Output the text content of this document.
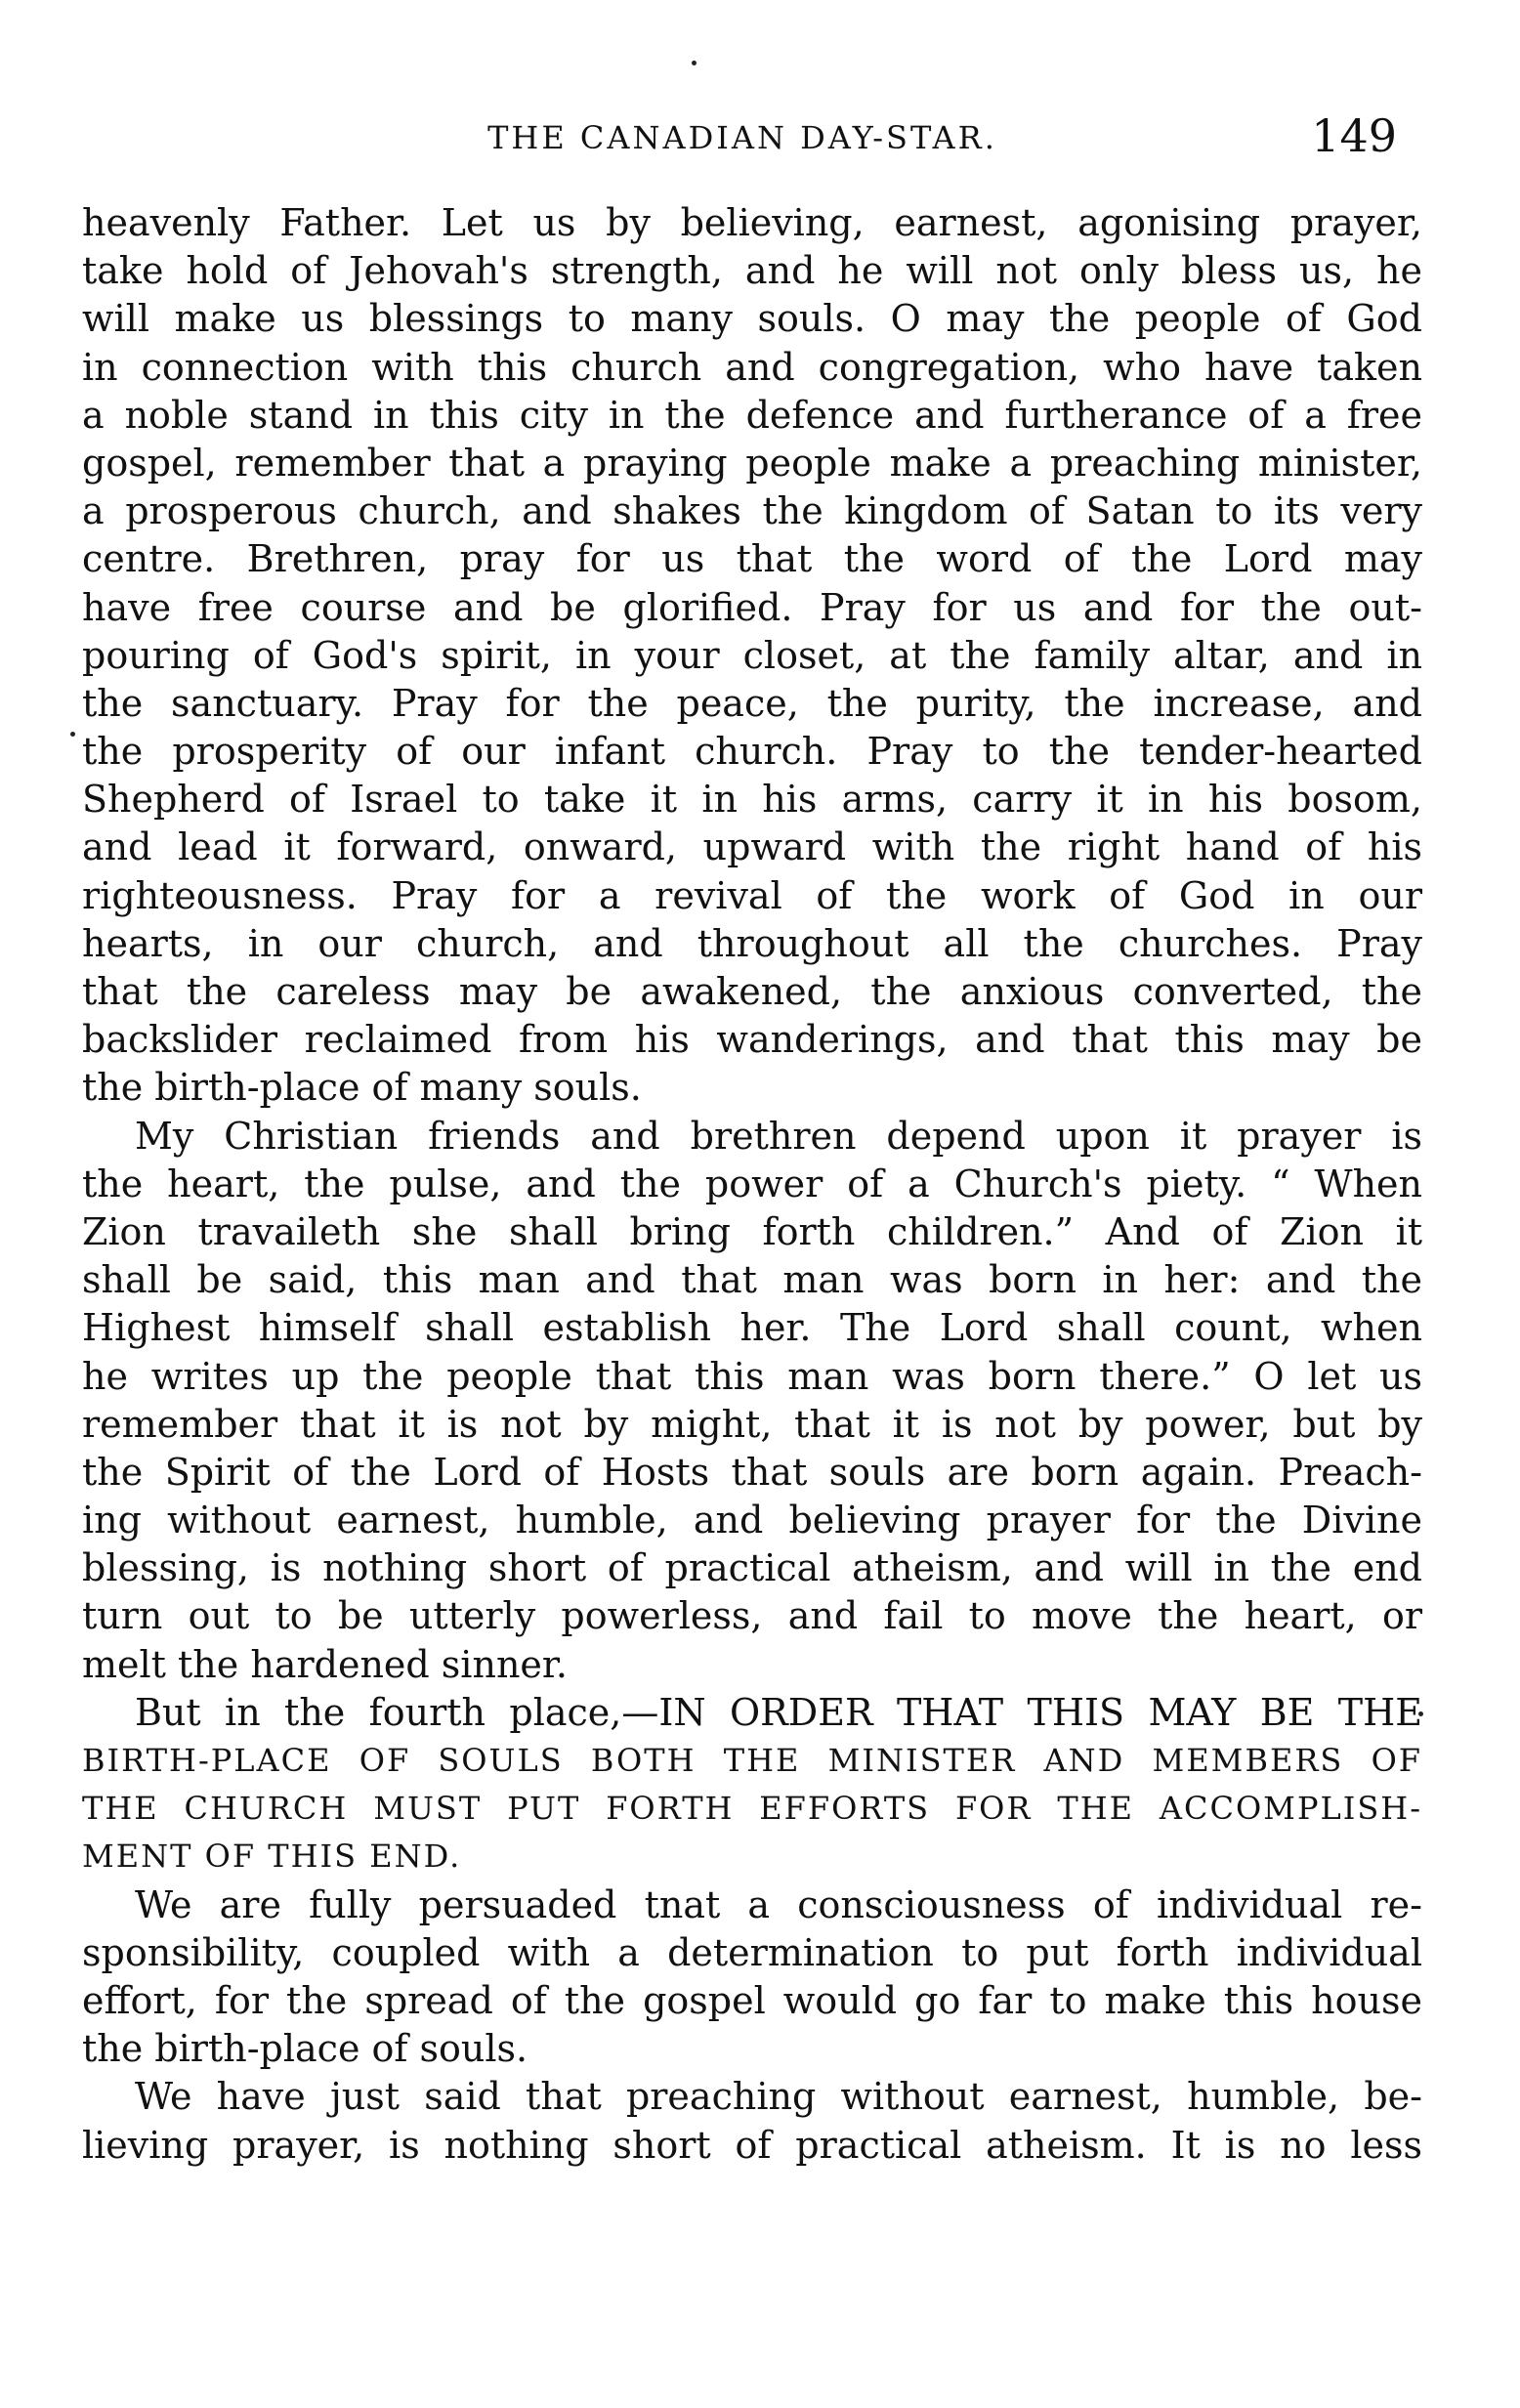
THE CANADIAN DAY-STAR.	149
heavenly Father. Let us by believing, earnest, agonising prayer,
take hold of Jehovah's strength, and he will not only bless us, he
will make us blessings to many souls. O may the people of God
in connection with this church and congregation, who have taken
a noble stand in this city in the defence and furtherance of a free
gospel, remember that a praying people make a preaching minister,
a prosperous church, and shakes the kingdom of Satan to its very
centre. Brethren, pray for us that the word of the Lord may
have free course and be glorified. Pray for us and for the out-
pouring of God's spirit, in your closet, at the family altar, and in
the sanctuary. Pray for the peace, the purity, the increase, and
the prosperity of our infant church. Pray to the tender-hearted
Shepherd of Israel to take it in his arms, carry it in his bosom,
and lead it forward, onward, upward with the right hand of his
righteousness. Pray for a revival of the work of God in our
hearts, in our church, and throughout all the churches. Pray
that the careless may be awakened, the anxious converted, the
backslider reclaimed from his wanderings, and that this may be
the birth-place of many souls.
My Christian friends and brethren depend upon it prayer is
the heart, the pulse, and the power of a Church's piety. “ When
Zion travaileth she shall bring forth children.” And of Zion it
shall be said, this man and that man was born in her: and the
Highest himself shall establish her. The Lord shall count, when
he writes up the people that this man was born there.” O let us
remember that it is not by might, that it is not by power, but by
the Spirit of the Lord of Hosts that souls are born again. Preach-
ing without earnest, humble, and believing prayer for the Divine
blessing, is nothing short of practical atheism, and will in the end
turn out to be utterly powerless, and fail to move the heart, or
melt the hardened sinner.
But in the fourth place,—IN ORDER THAT THIS MAY BE THE
BIRTH-PLACE OF SOULS BOTH THE MINISTER AND MEMBERS OF
THE CHURCH MUST PUT FORTH EFFORTS FOR THE ACCOMPLISH-
MENT OF THIS END.
We are fully persuaded tnat a consciousness of individual re-
sponsibility, coupled with a determination to put forth individual
effort, for the spread of the gospel would go far to make this house
the birth-place of souls.
We have just said that preaching without earnest, humble, be-
lieving prayer, is nothing short of practical atheism. It is no less
